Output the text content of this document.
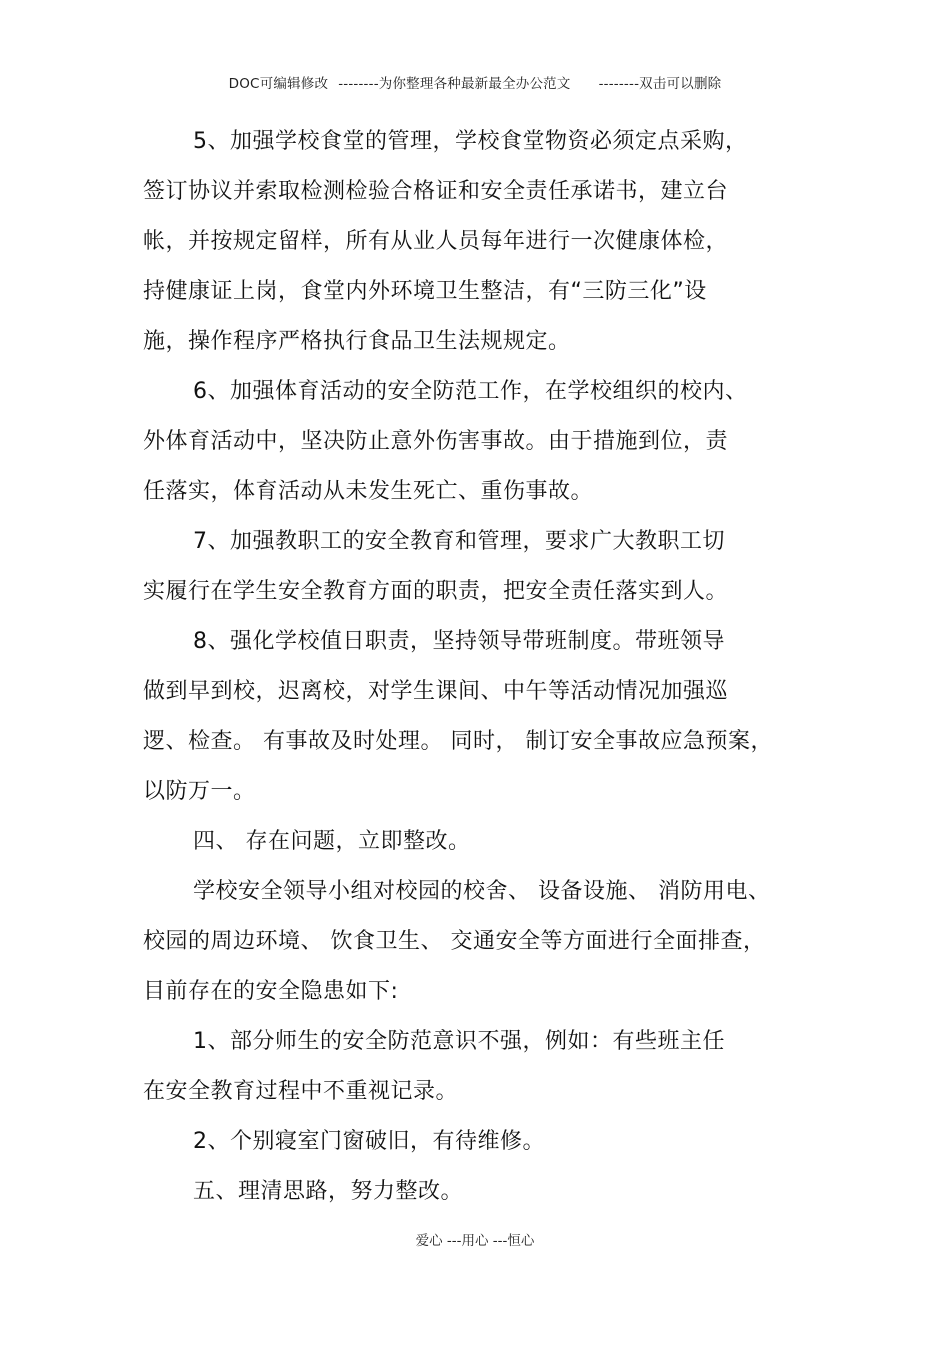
DOC可编辑修改 --------为你整理各种最新最全办公范文 --------双击可以删除
5、加强学校食堂的管理，学校食堂物资必须定点采购，
签订协议并索取检测检验合格证和安全责任承诺书，建立台
帐，并按规定留样，所有从业人员每年进行一次健康体检，
持健康证上岗，食堂内外环境卫生整洁，有“三防三化”设
施，操作程序严格执行食品卫生法规规定。
6、加强体育活动的安全防范工作，在学校组织的校内、
外体育活动中，坚决防止意外伤害事故。由于措施到位，责
任落实，体育活动从未发生死亡、重伤事故。
7、加强教职工的安全教育和管理，要求广大教职工切
实履行在学生安全教育方面的职责，把安全责任落实到人。
8、强化学校值日职责，坚持领导带班制度。带班领导
做到早到校，迟离校，对学生课间、中午等活动情况加强巡
逻、检查。 有事故及时处理。 同时， 制订安全事故应急预案，
以防万一。
四、 存在问题，立即整改。
学校安全领导小组对校园的校舍、 设备设施、 消防用电、
校园的周边环境、 饮食卫生、 交通安全等方面进行全面排查，
目前存在的安全隐患如下:
1、部分师生的安全防范意识不强，例如：有些班主任
在安全教育过程中不重视记录。
2、个别寝室门窗破旧，有待维修。
五、理清思路，努力整改。
爱心 ---用心 ---恒心
